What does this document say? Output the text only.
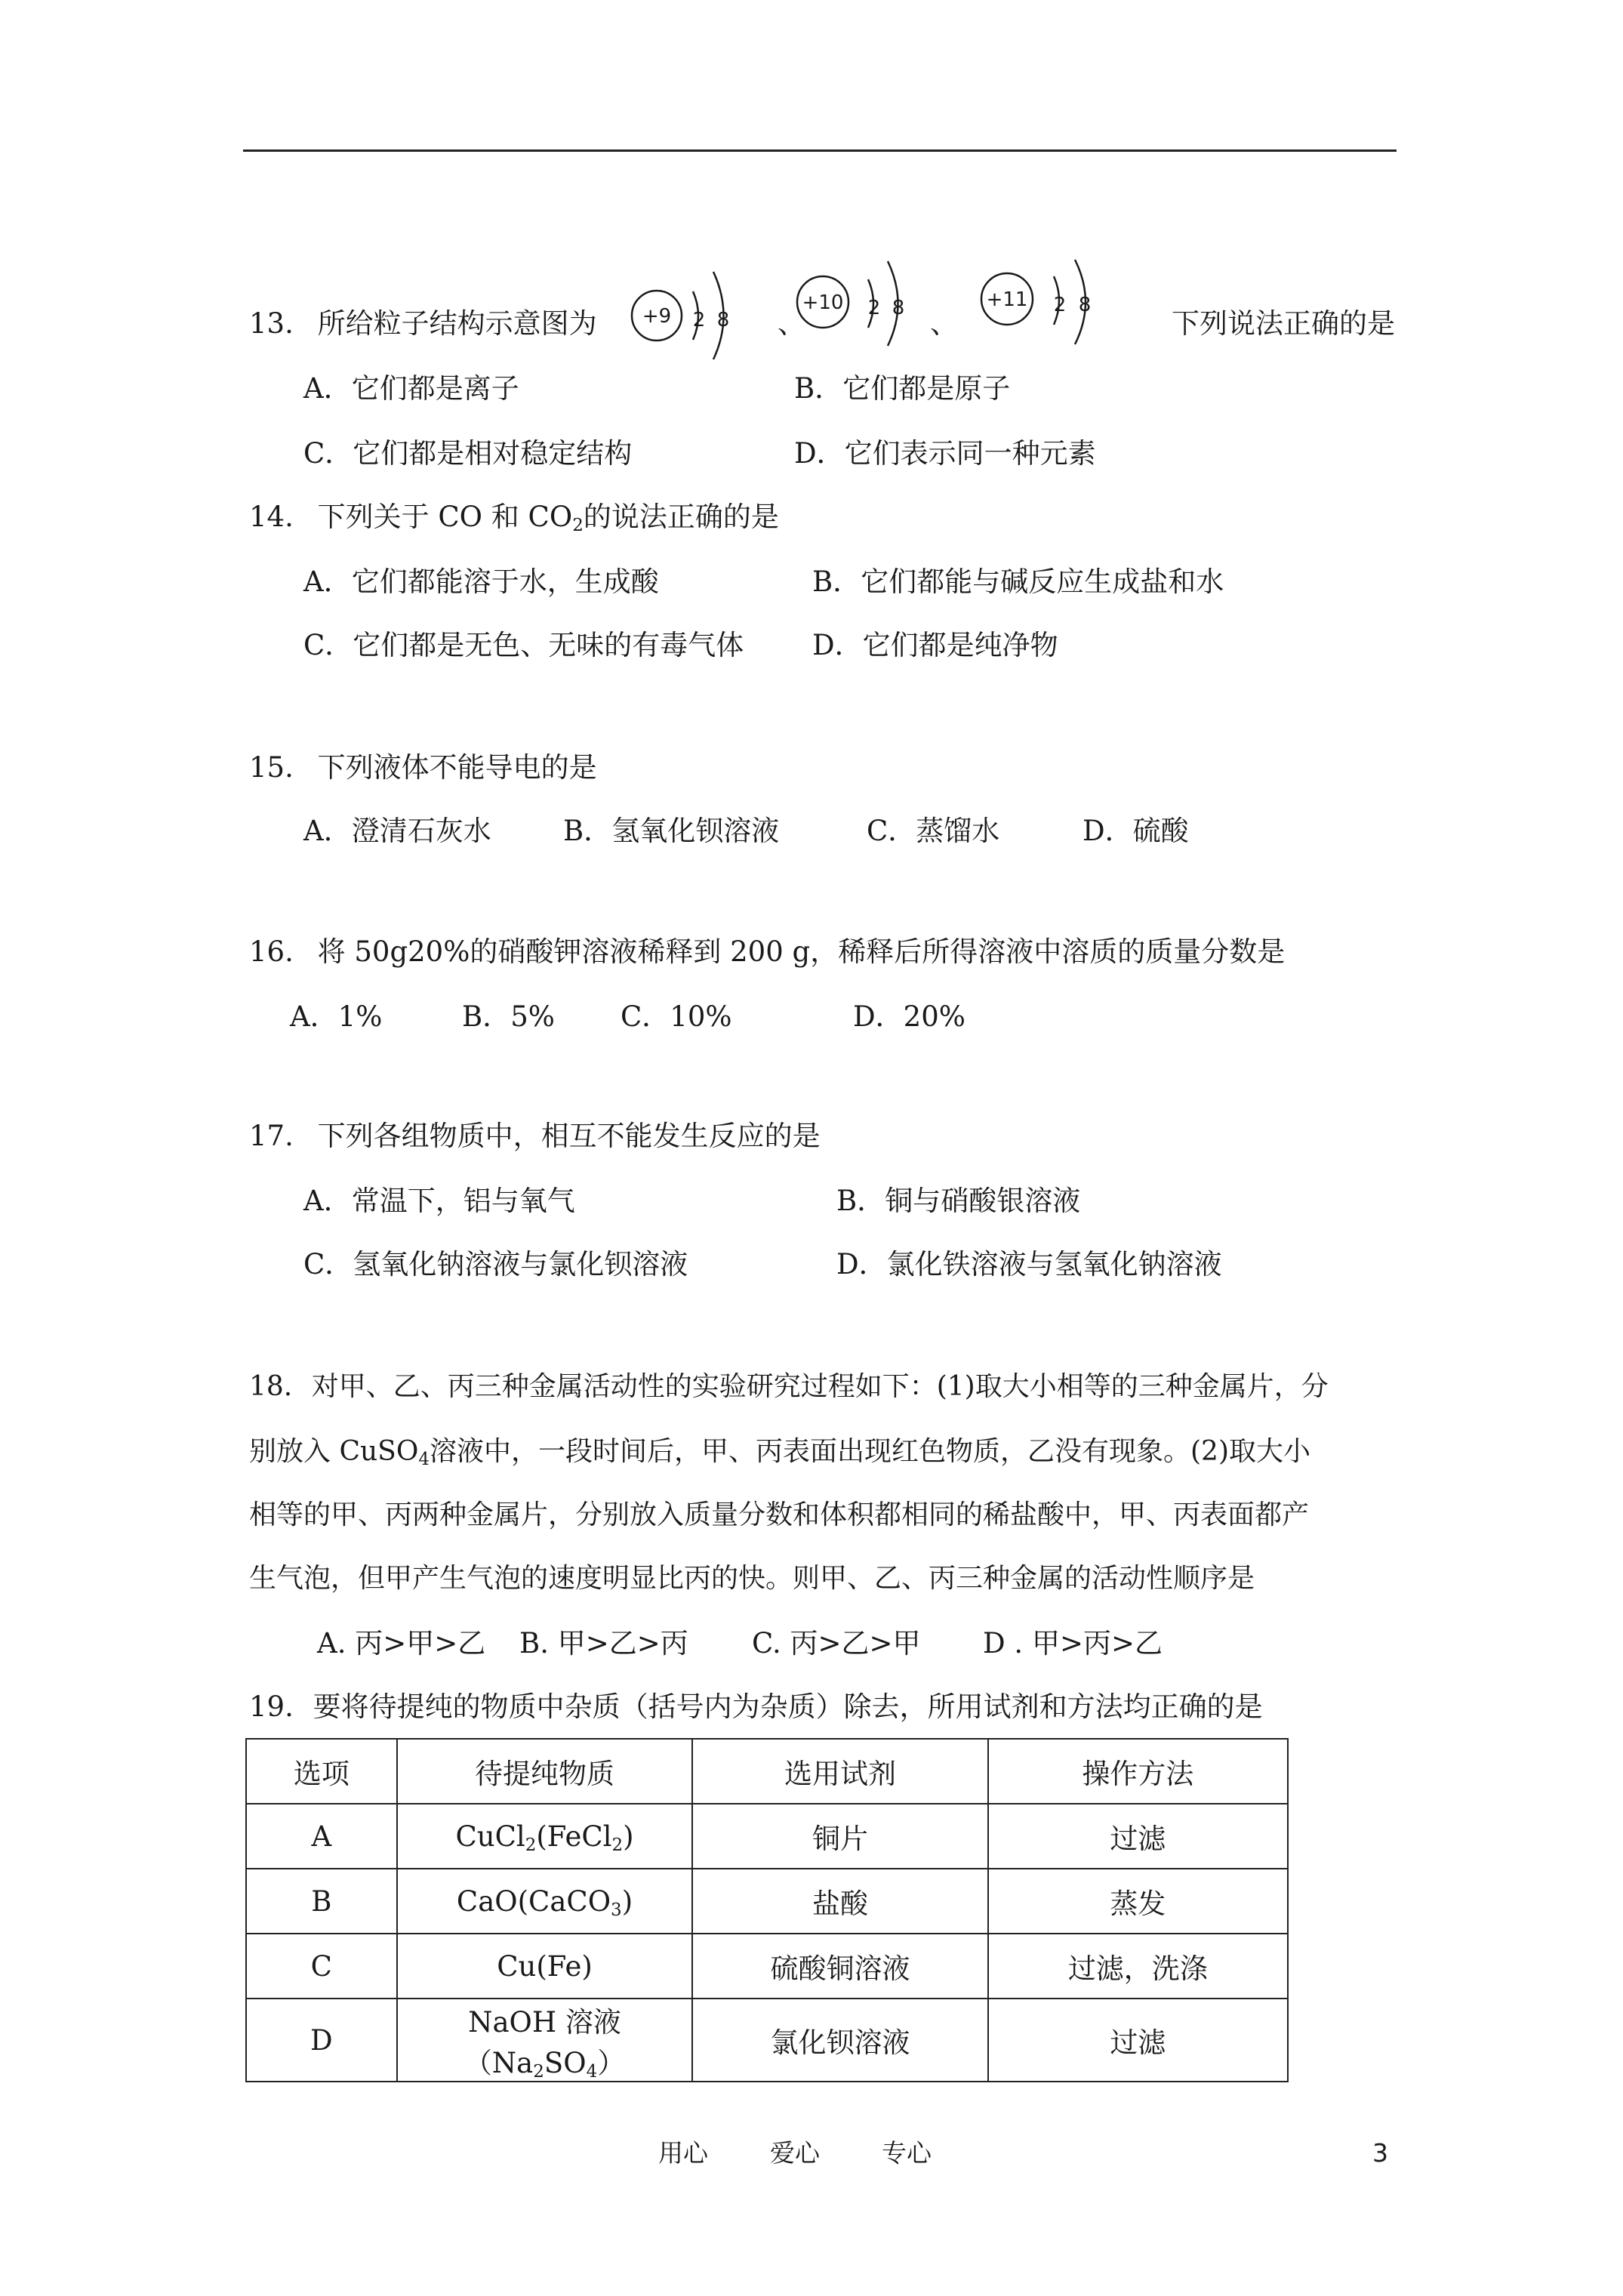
13. 所给粒子结构示意图为 +9 2 8 、
+10 2 8 、
+11 2 8
下列说法正确的是
A．它们都是离子	B．它们都是原子
C．它们都是相对稳定结构	D．它们表示同一种元素
14. 下列关于 CO 和 $CO_2$的说法正确的是
A．它们都能溶于水，生成酸	B．它们都能与碱反应生成盐和水
C．它们都是无色、无味的有毒气体 D．它们都是纯净物
15. 下列液体不能导电的是
A．澄清石灰水	B．氢氧化钡溶液	C．蒸馏水	D．硫酸
16. 将 50g20%的硝酸钾溶液稀释到 200 g，稀释后所得溶液中溶质的质量分数是
A．1%	B．5% C．10%	D．20%
17. 下列各组物质中，相互不能发生反应的是
A．常温下，铝与氧气	B．铜与硝酸银溶液
C．氢氧化钠溶液与氯化钡溶液	D．氯化铁溶液与氢氧化钠溶液
18. 对甲、乙、丙三种金属活动性的实验研究过程如下：(1)取大小相等的三种金属片，分
别放入 CuSO$_4$溶液中，一段时间后，甲、丙表面出现红色物质，乙没有现象。(2)取大小
相等的甲、丙两种金属片，分别放入质量分数和体积都相同的稀盐酸中，甲、丙表面都产
生气泡，但甲产生气泡的速度明显比丙的快。则甲、乙、丙三种金属的活动性顺序是
A. 丙>甲>乙 B. 甲>乙>丙 C. 丙>乙>甲 D . 甲>丙>乙
19. 要将待提纯的物质中杂质（括号内为杂质）除去，所用试剂和方法均正确的是
选项	待提纯物质	选用试剂	操作方法
A	CuCl$_2$(FeCl$_2$)	铜片	过滤
B	CaO(CaCO$_3$)	盐酸	蒸发
C	Cu(Fe)	硫酸铜溶液	过滤，洗涤
D	NaOH 溶液$(Na_2SO_4)$	氯化钡溶液	过滤
用心 爱心 专心	3
